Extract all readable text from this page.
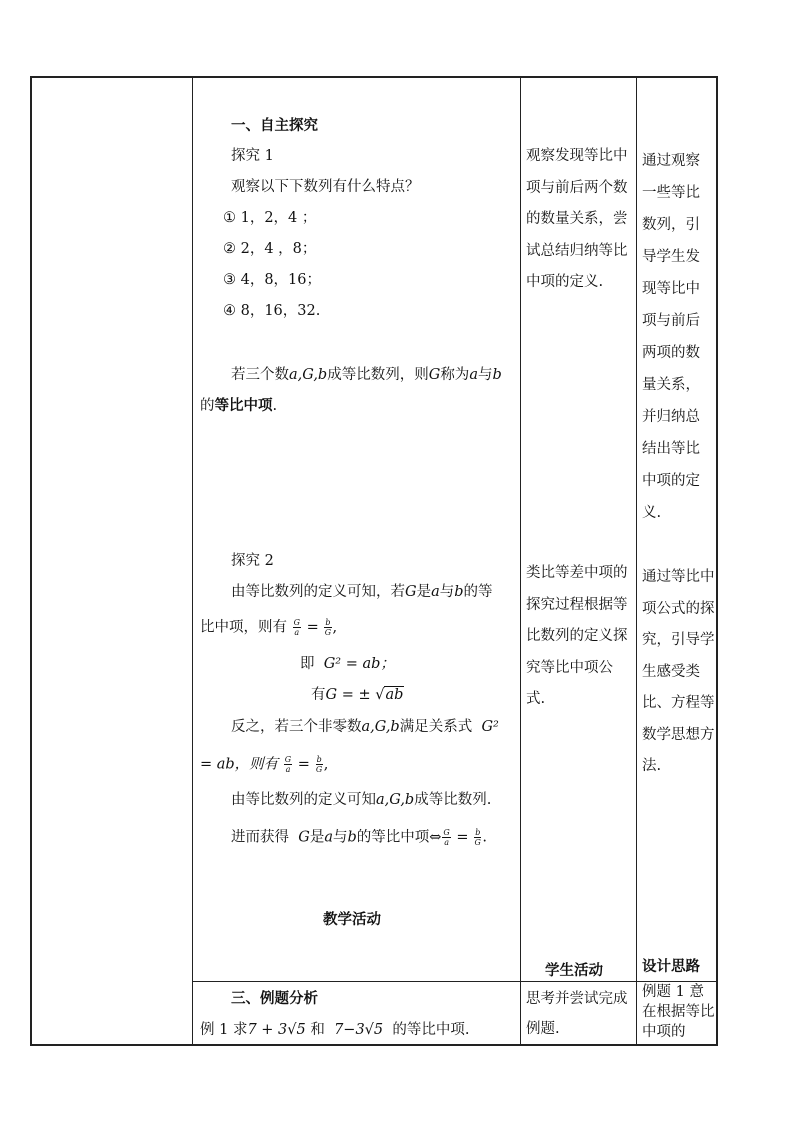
一、自主探究
探究 1
观察以下下数列有什么特点？
① 1，2，4 ；
② 2，4 ，8；
③ 4，8，16；
④ 8，16，32.
若三个数a,G,b成等比数列，则G称为a与b
的等比中项.
观察发现等比中项与前后两个数的数量关系，尝试总结归纳等比中项的定义.
通过观察一些等比数列，引导学生发现等比中项与前后两项的数量关系，并归纳总结出等比中项的定义.
探究 2
由等比数列的定义可知，若G是a与b的等
比中项，则有 $\frac{G}{a} = \frac{b}{G}$ ,
即 G² = ab；
有G = ± √ab
反之，若三个非零数a,G,b满足关系式 G²
= ab，则有 $\frac{G}{a} = \frac{b}{G}$ ,
由等比数列的定义可知a,G,b成等比数列.
进而获得 G是a与b的等比中项⇔ $\frac{G}{a} = \frac{b}{G}$ .
类比等差中项的探究过程根据等比数列的定义探究等比中项公式.
通过等比中项公式的探究，引导学生感受类比、方程等数学思想方法.
教学活动
学生活动	设计思路
三、例题分析
例 1 求7 + 3√5 和 7−3√5 的等比中项.
思考并尝试完成例题.
例题 1 意在根据等比中项的
